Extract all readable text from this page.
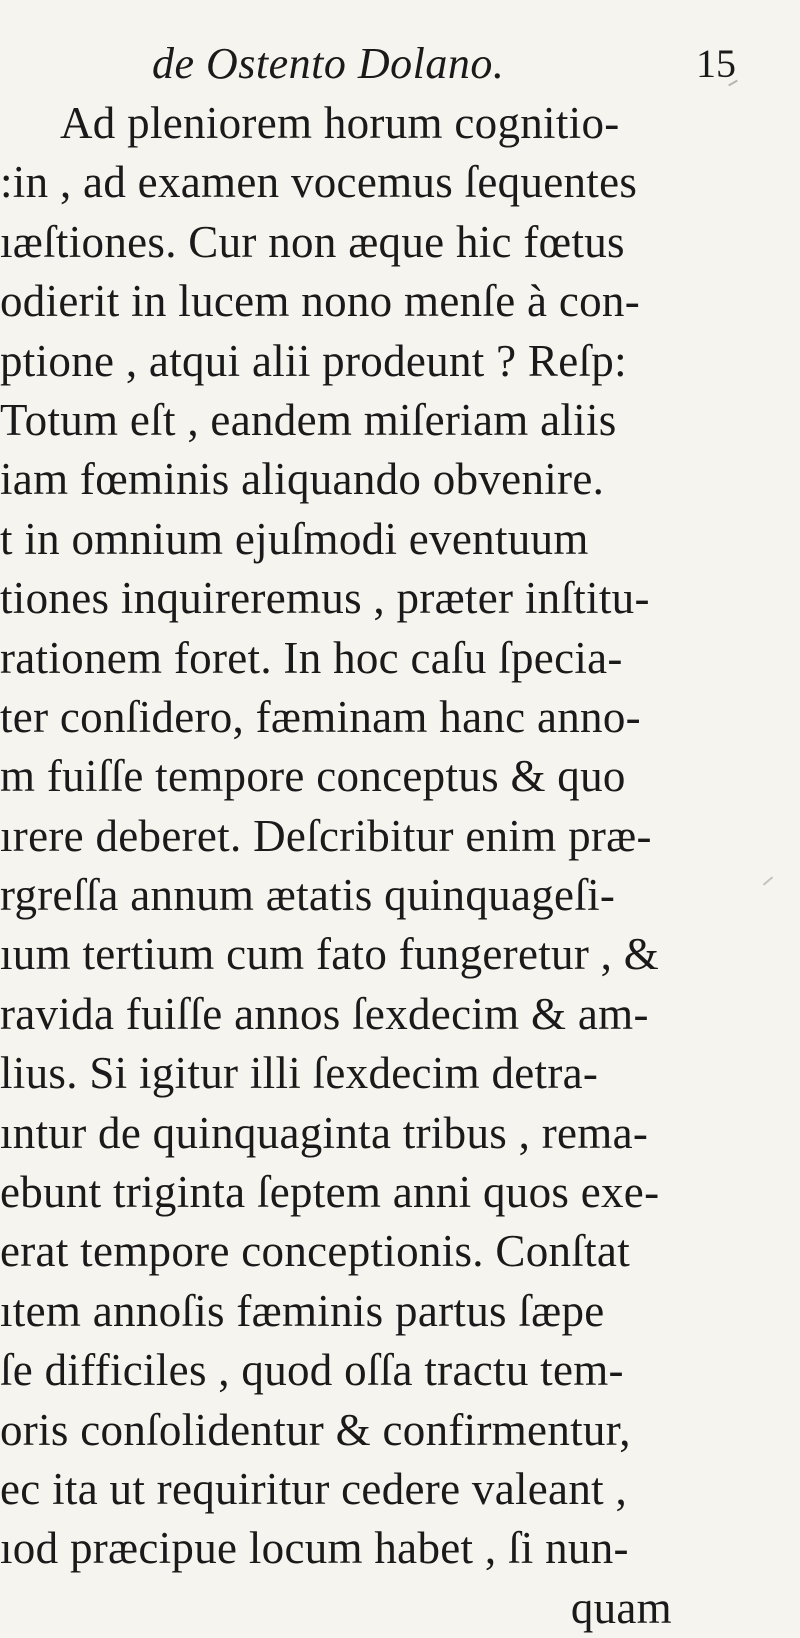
de Ostento Dolano.	15
Ad pleniorem horum cognitio-
:in , ad examen vocemus ſequentes
ıæſtiones. Cur non æque hic fœtus
odierit in lucem nono menſe à con-
ptione , atqui alii prodeunt ? Reſp:
Totum eſt , eandem miſeriam aliis
iam fœminis aliquando obvenire.
t in omnium ejuſmodi eventuum
tiones inquireremus , præter inſtitu-
rationem foret. In hoc caſu ſpecia-
ter conſidero, fæminam hanc anno-
m fuiſſe tempore conceptus & quo
ırere deberet. Deſcribitur enim præ-
rgreſſa annum ætatis quinquageſi-
ıum tertium cum fato fungeretur , &
ravida fuiſſe annos ſexdecim & am-
lius. Si igitur illi ſexdecim detra-
ıntur de quinquaginta tribus , rema-
ebunt triginta ſeptem anni quos exe-
erat tempore conceptionis. Conſtat
ıtem annoſis fæminis partus ſæpe
ſe difficiles , quod oſſa tractu tem-
oris conſolidentur & confirmentur,
ec ita ut requiritur cedere valeant ,
ıod præcipue locum habet , ſi nun-
quam
